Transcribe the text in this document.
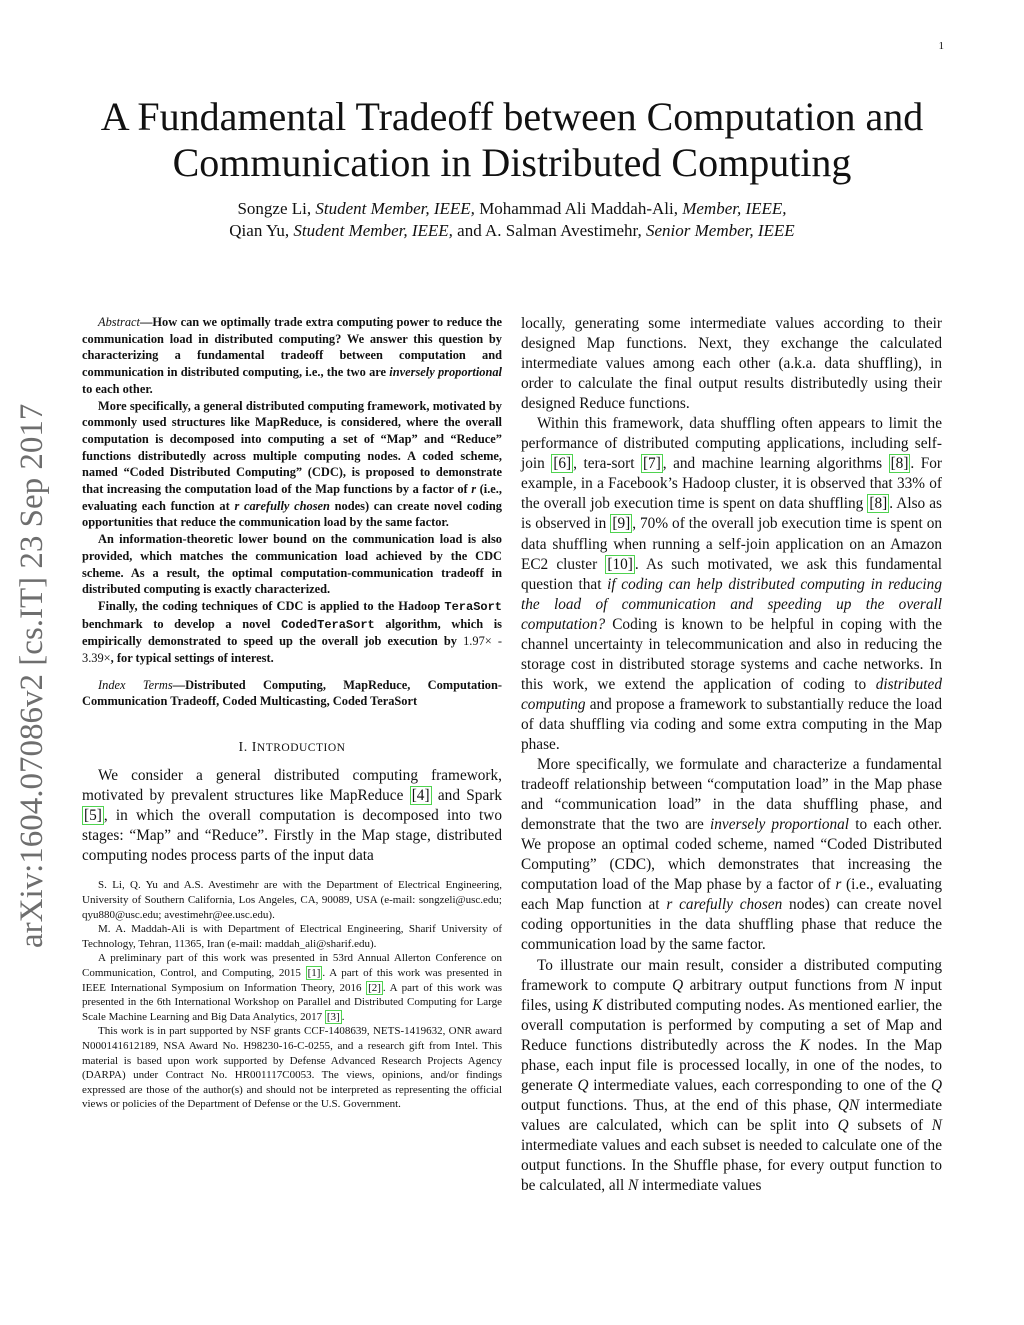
1
arXiv:1604.07086v2 [cs.IT] 23 Sep 2017
A Fundamental Tradeoff between Computation and
Communication in Distributed Computing
Songze Li, Student Member, IEEE, Mohammad Ali Maddah-Ali, Member, IEEE,
Qian Yu, Student Member, IEEE, and A. Salman Avestimehr, Senior Member, IEEE

Abstract—How can we optimally trade extra computing power to reduce the communication load in distributed computing? We answer this question by characterizing a fundamental tradeoff between computation and communication in distributed computing, i.e., the two are inversely proportional to each other.

More specifically, a general distributed computing framework, motivated by commonly used structures like MapReduce, is considered, where the overall computation is decomposed into computing a set of “Map” and “Reduce” functions distributedly across multiple computing nodes. A coded scheme, named “Coded Distributed Computing” (CDC), is proposed to demonstrate that increasing the computation load of the Map functions by a factor of r (i.e., evaluating each function at r carefully chosen nodes) can create novel coding opportunities that reduce the communication load by the same factor.

An information-theoretic lower bound on the communication load is also provided, which matches the communication load achieved by the CDC scheme. As a result, the optimal computation-communication tradeoff in distributed computing is exactly characterized.

Finally, the coding techniques of CDC is applied to the Hadoop TeraSort benchmark to develop a novel CodedTeraSort algorithm, which is empirically demonstrated to speed up the overall job execution by 1.97× - 3.39×, for typical settings of interest.

Index Terms—Distributed Computing, MapReduce, Computation-Communication Tradeoff, Coded Multicasting, Coded TeraSort

I. INTRODUCTION

We consider a general distributed computing framework, motivated by prevalent structures like MapReduce [4] and Spark [5] , in which the overall computation is decomposed into two stages: “Map” and “Reduce”. Firstly in the Map stage, distributed computing nodes process parts of the input data

S. Li, Q. Yu and A.S. Avestimehr are with the Department of Electrical Engineering, University of Southern California, Los Angeles, CA, 90089, USA (e-mail: songzeli@usc.edu; qyu880@usc.edu; avestimehr@ee.usc.edu).

M. A. Maddah-Ali is with Department of Electrical Engineering, Sharif University of Technology, Tehran, 11365, Iran (e-mail: maddah_ali@sharif.edu).

A preliminary part of this work was presented in 53rd Annual Allerton Conference on Communication, Control, and Computing, 2015 [1] . A part of this work was presented in IEEE International Symposium on Information Theory, 2016 [2] . A part of this work was presented in the 6th International Workshop on Parallel and Distributed Computing for Large Scale Machine Learning and Big Data Analytics, 2017 [3] .

This work is in part supported by NSF grants CCF-1408639, NETS-1419632, ONR award N000141612189, NSA Award No. H98230-16-C-0255, and a research gift from Intel. This material is based upon work supported by Defense Advanced Research Projects Agency (DARPA) under Contract No. HR001117C0053. The views, opinions, and/or findings expressed are those of the author(s) and should not be interpreted as representing the official views or policies of the Department of Defense or the U.S. Government.

locally, generating some intermediate values according to their designed Map functions. Next, they exchange the calculated intermediate values among each other (a.k.a. data shuffling), in order to calculate the final output results distributedly using their designed Reduce functions.

Within this framework, data shuffling often appears to limit the performance of distributed computing applications, including self-join [6] , tera-sort [7] , and machine learning algorithms [8] . For example, in a Facebook’s Hadoop cluster, it is observed that 33% of the overall job execution time is spent on data shuffling [8] . Also as is observed in [9] , 70% of the overall job execution time is spent on data shuffling when running a self-join application on an Amazon EC2 cluster [10] . As such motivated, we ask this fundamental question that if coding can help distributed computing in reducing the load of communication and speeding up the overall computation? Coding is known to be helpful in coping with the channel uncertainty in telecommunication and also in reducing the storage cost in distributed storage systems and cache networks. In this work, we extend the application of coding to distributed computing and propose a framework to substantially reduce the load of data shuffling via coding and some extra computing in the Map phase.

More specifically, we formulate and characterize a fundamental tradeoff relationship between “computation load” in the Map phase and “communication load” in the data shuffling phase, and demonstrate that the two are inversely proportional to each other. We propose an optimal coded scheme, named “Coded Distributed Computing” (CDC), which demonstrates that increasing the computation load of the Map phase by a factor of r (i.e., evaluating each Map function at r carefully chosen nodes) can create novel coding opportunities in the data shuffling phase that reduce the communication load by the same factor.

To illustrate our main result, consider a distributed computing framework to compute Q arbitrary output functions from N input files, using K distributed computing nodes. As mentioned earlier, the overall computation is performed by computing a set of Map and Reduce functions distributedly across the K nodes. In the Map phase, each input file is processed locally, in one of the nodes, to generate Q intermediate values, each corresponding to one of the Q output functions. Thus, at the end of this phase, QN intermediate values are calculated, which can be split into Q subsets of N intermediate values and each subset is needed to calculate one of the output functions. In the Shuffle phase, for every output function to be calculated, all N intermediate values
